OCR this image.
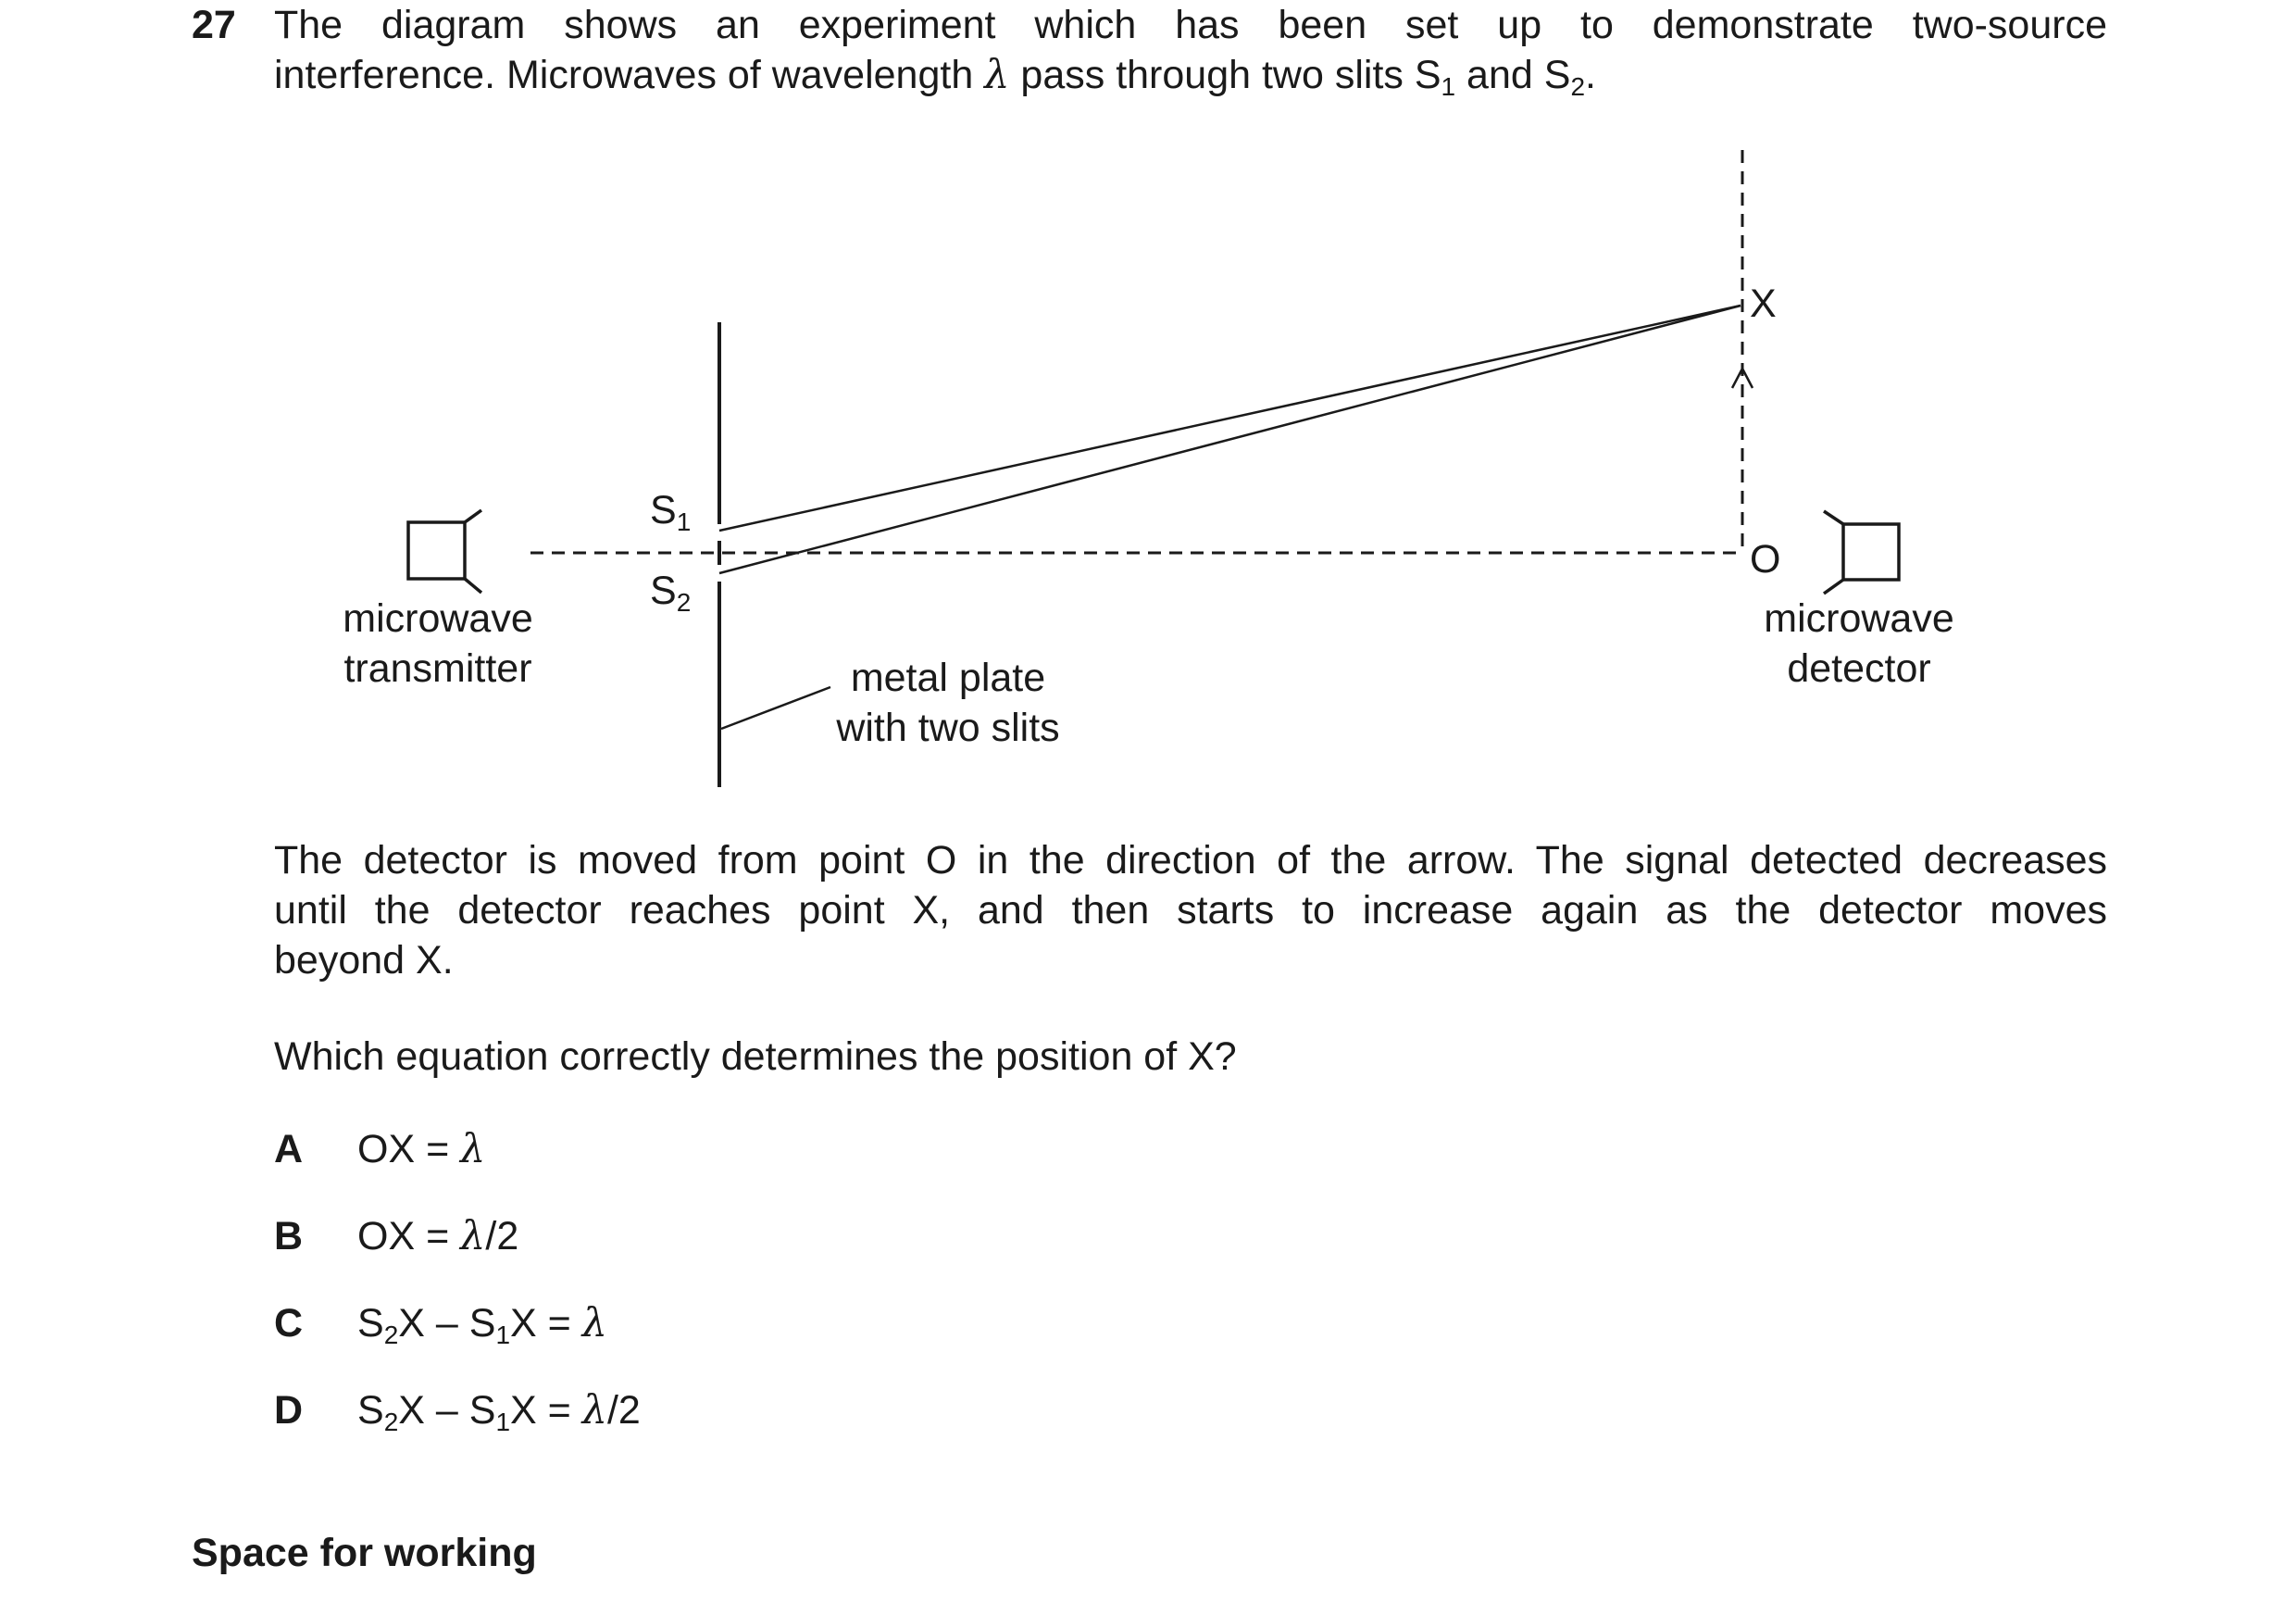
27 The diagram shows an experiment which has been set up to demonstrate two-source
interference. Microwaves of wavelength λ pass through two slits $S_1$ and $S_2$.
S1
S2
X
O
microwave
transmitter	metal plate
with two slits
microwave
detector
The detector is moved from point O in the direction of the arrow. The signal detected decreases
until the detector reaches point X, and then starts to increase again as the detector moves
beyond X.
Which equation correctly determines the position of X?
A OX = λ
B OX = λ/2
C $S_2X - S_1X = \lambda$
D $S_2X - S_1X = \lambda/2$
Space for working
